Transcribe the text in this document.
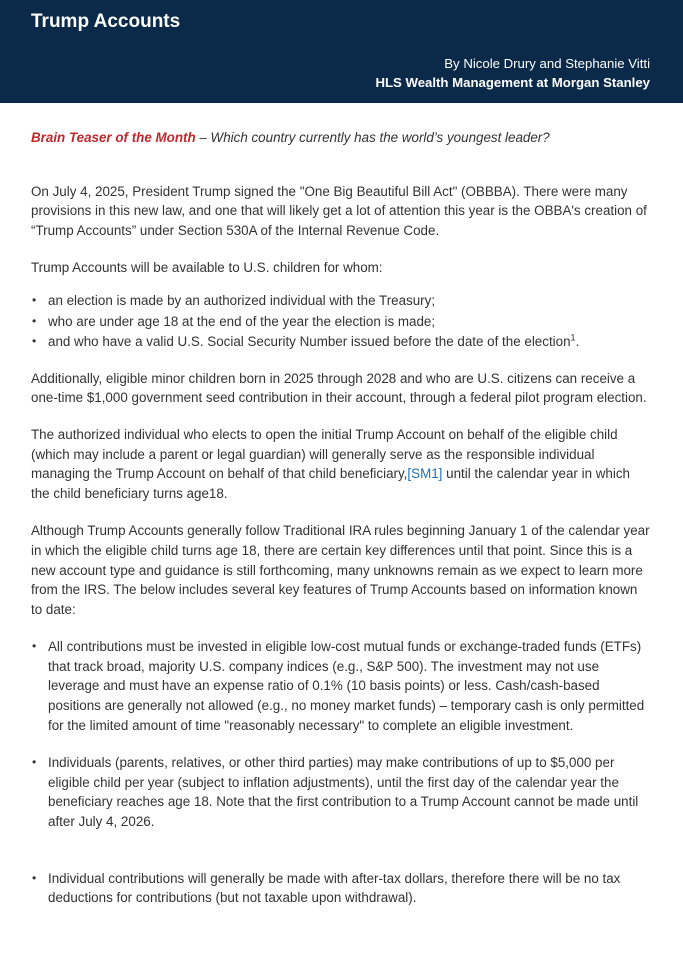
Trump Accounts
By Nicole Drury and Stephanie Vitti
HLS Wealth Management at Morgan Stanley

Brain Teaser of the Month – Which country currently has the world’s youngest leader?

On July 4, 2025, President Trump signed the "One Big Beautiful Bill Act" (OBBBA). There were many provisions in this new law, and one that will likely get a lot of attention this year is the OBBA's creation of “Trump Accounts” under Section 530A of the Internal Revenue Code.

Trump Accounts will be available to U.S. children for whom:

• an election is made by an authorized individual with the Treasury;
• who are under age 18 at the end of the year the election is made;
• and who have a valid U.S. Social Security Number issued before the date of the election$^1$.

Additionally, eligible minor children born in 2025 through 2028 and who are U.S. citizens can receive a one-time $1,000 government seed contribution in their account, through a federal pilot program election.

The authorized individual who elects to open the initial Trump Account on behalf of the eligible child (which may include a parent or legal guardian) will generally serve as the responsible individual managing the Trump Account on behalf of that child beneficiary,[SM1] until the calendar year in which the child beneficiary turns age18.

Although Trump Accounts generally follow Traditional IRA rules beginning January 1 of the calendar year in which the eligible child turns age 18, there are certain key differences until that point. Since this is a new account type and guidance is still forthcoming, many unknowns remain as we expect to learn more from the IRS. The below includes several key features of Trump Accounts based on information known to date:

• All contributions must be invested in eligible low-cost mutual funds or exchange-traded funds (ETFs) that track broad, majority U.S. company indices (e.g., S&P 500). The investment may not use leverage and must have an expense ratio of 0.1% (10 basis points) or less. Cash/cash-based positions are generally not allowed (e.g., no money market funds) – temporary cash is only permitted for the limited amount of time "reasonably necessary" to complete an eligible investment.
• Individuals (parents, relatives, or other third parties) may make contributions of up to $5,000 per eligible child per year (subject to inflation adjustments), until the first day of the calendar year the beneficiary reaches age 18. Note that the first contribution to a Trump Account cannot be made until after July 4, 2026.
• Individual contributions will generally be made with after-tax dollars, therefore there will be no tax deductions for contributions (but not taxable upon withdrawal).
